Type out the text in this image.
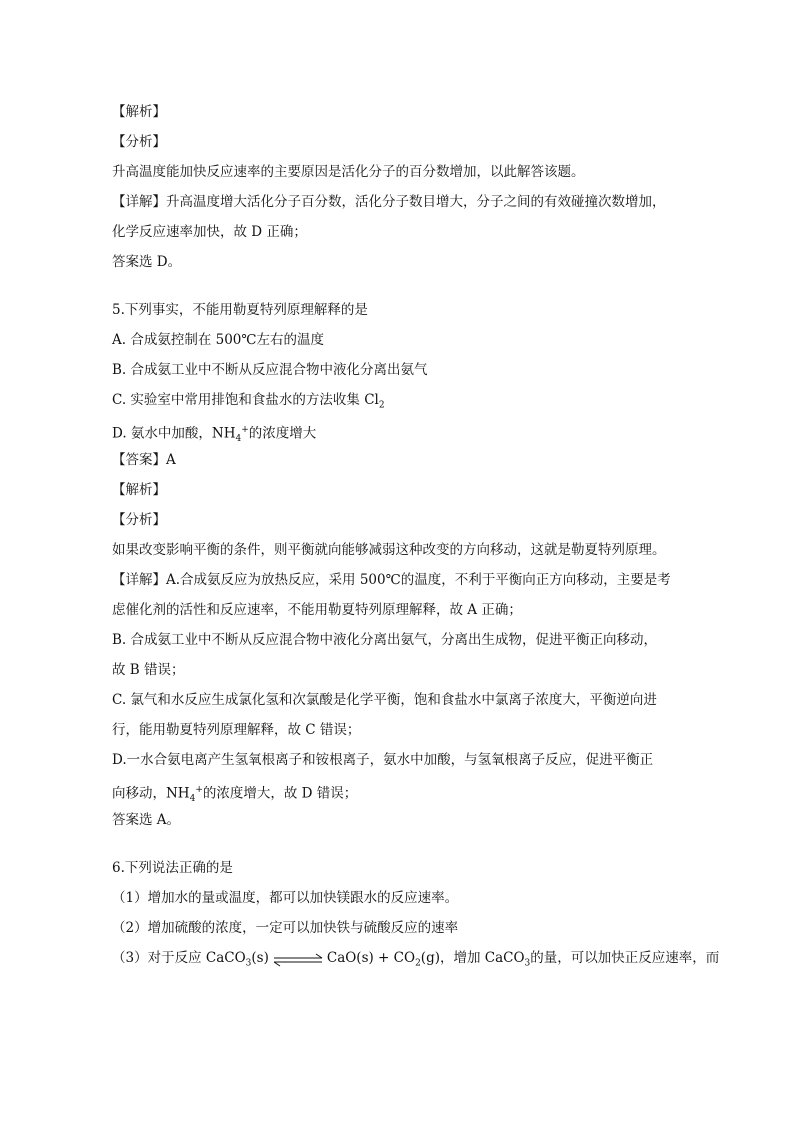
【解析】
【分析】
升高温度能加快反应速率的主要原因是活化分子的百分数增加，以此解答该题。
【详解】升高温度增大活化分子百分数，活化分子数目增大，分子之间的有效碰撞次数增加，
化学反应速率加快，故 D 正确；
答案选 D。
5.下列事实，不能用勒夏特列原理解释的是
A. 合成氨控制在 500℃左右的温度
B. 合成氨工业中不断从反应混合物中液化分离出氨气
C. 实验室中常用排饱和食盐水的方法收集 $Cl_2$
D. 氨水中加酸，$NH_4^+$的浓度增大
【答案】A
【解析】
【分析】
如果改变影响平衡的条件，则平衡就向能够减弱这种改变的方向移动，这就是勒夏特列原理。
【详解】A.合成氨反应为放热反应，采用 500℃的温度，不利于平衡向正方向移动，主要是考
虑催化剂的活性和反应速率，不能用勒夏特列原理解释，故 A 正确；
B. 合成氨工业中不断从反应混合物中液化分离出氨气，分离出生成物，促进平衡正向移动，
故 B 错误；
C. 氯气和水反应生成氯化氢和次氯酸是化学平衡，饱和食盐水中氯离子浓度大，平衡逆向进
行，能用勒夏特列原理解释，故 C 错误；
D.一水合氨电离产生氢氧根离子和铵根离子，氨水中加酸，与氢氧根离子反应，促进平衡正
向移动，$NH_4^+$的浓度增大，故 D 错误；
答案选 A。
6.下列说法正确的是
（1）增加水的量或温度，都可以加快镁跟水的反应速率。
（2）增加硫酸的浓度，一定可以加快铁与硫酸反应的速率
（3）对于反应 CaCO$_3$(s) ⇌ $CaO(s) + CO_2(g)$，增加 CaCO$_3$的量，可以加快正反应速率，而
